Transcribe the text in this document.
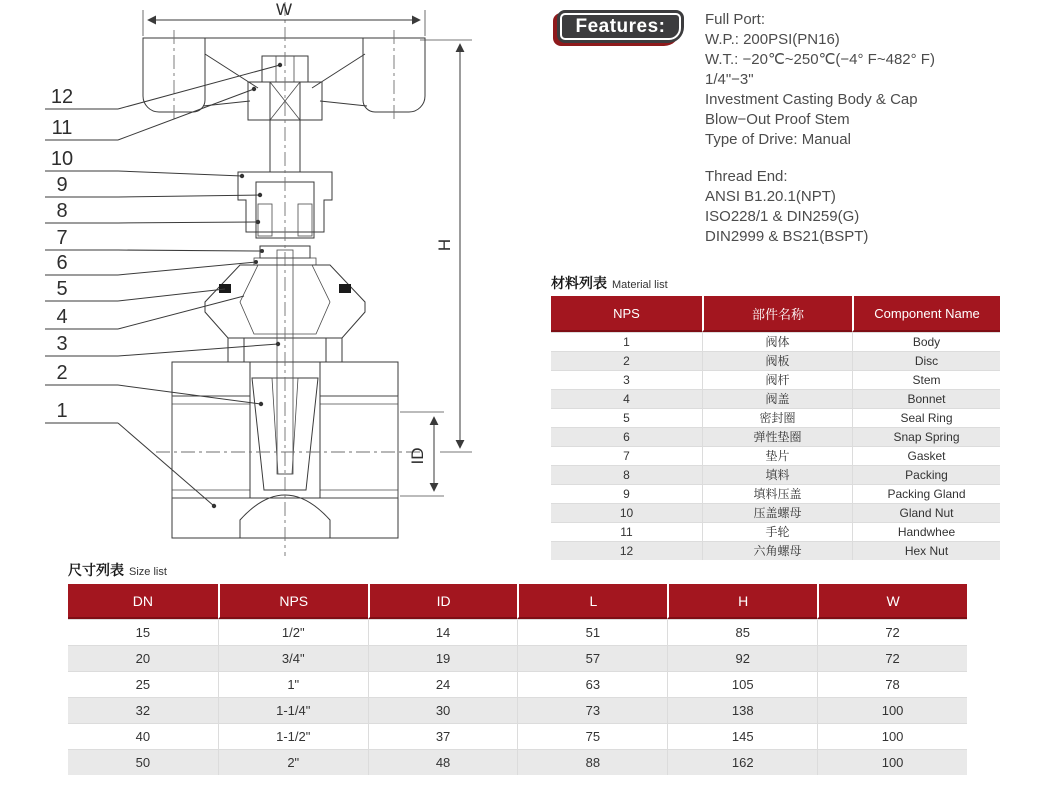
W
H
ID
12
11
10
9
8
7
6
5
4
3
2
1
Features:	Full Port:
W.P.: 200PSI(PN16)
W.T.: −20℃~250℃(−4° F~482° F)
1/4"−3"
Investment Casting Body & Cap
Blow−Out Proof Stem
Type of Drive: Manual
Thread End:
ANSI B1.20.1(NPT)
ISO228/1 & DIN259(G)
DIN2999 & BS21(BSPT)
材料列表 Material list
NPS	部件名称	Component Name
1	阀体	Body
2	阀板	Disc
3	阀杆	Stem
4	阀盖	Bonnet
5	密封圈	Seal Ring
6	弹性垫圈	Snap Spring
7	垫片	Gasket
8	填料	Packing
9	填料压盖	Packing Gland
10	压盖螺母	Gland Nut
11	手轮	Handwhee
12	六角螺母	Hex Nut
尺寸列表 Size list
DN	NPS	ID	L	H	W
15	1/2"	14	51	85	72
20	3/4"	19	57	92	72
25	1"	24	63	105	78
32	1-1/4"	30	73	138	100
40	1-1/2"	37	75	145	100
50	2"	48	88	162	100
